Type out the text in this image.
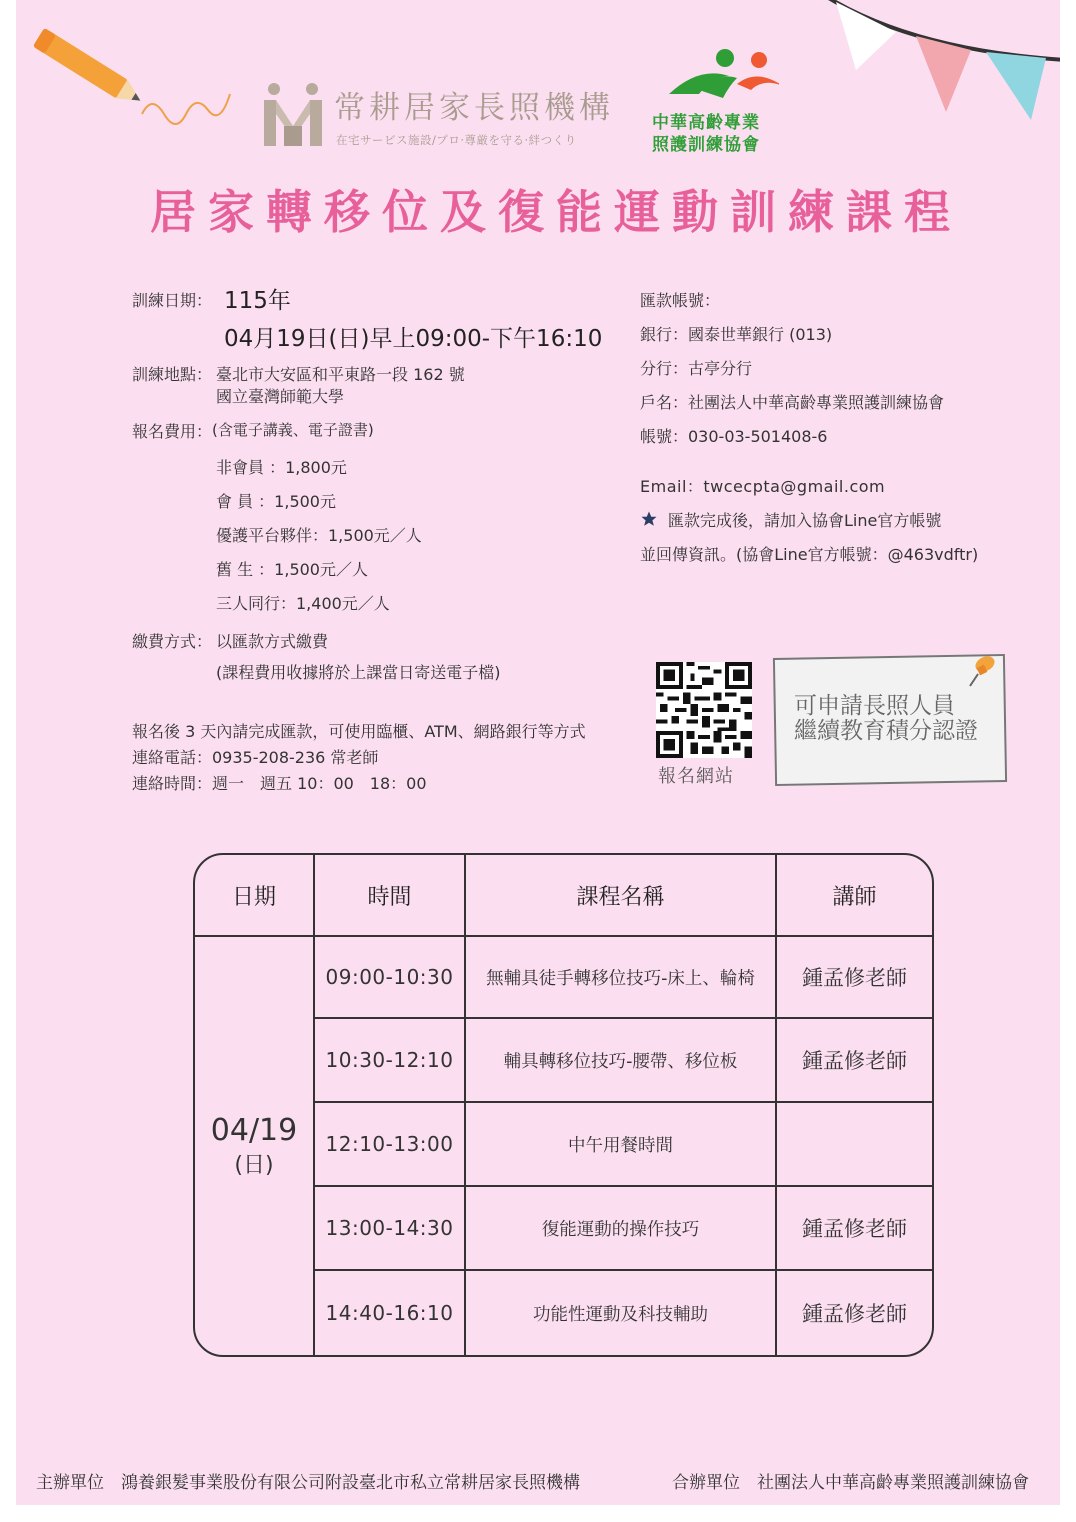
常耕居家長照機構
在宅サービス施設/プロ·尊厳を守る·絆つくり
中華高齡專業
照護訓練協會
居家轉移位及復能運動訓練課程
訓練日期： 115年
04月19日(日)早上09:00-下午16:10
訓練地點： 臺北市大安區和平東路一段 162 號
國立臺灣師範大學
報名費用： (含電子講義、電子證書)
非會員 ：1,800元
會 員 ：1,500元
優護平台夥伴：1,500元／人
舊 生 ：1,500元／人
三人同行：1,400元／人
繳費方式： 以匯款方式繳費
(課程費用收據將於上課當日寄送電子檔)
報名後 3 天內請完成匯款，可使用臨櫃、ATM、網路銀行等方式
連絡電話：0935-208-236 常老師
連絡時間：週一　週五 10：00　18：00
匯款帳號：
銀行：國泰世華銀行 (013)
分行：古亭分行
戶名：社團法人中華高齡專業照護訓練協會
帳號：030-03-501408-6
Email：twcecpta@gmail.com
匯款完成後，請加入協會Line官方帳號
並回傳資訊。(協會Line官方帳號：@463vdftr)
報名網站
可申請長照人員
繼續教育積分認證
日期	時間	課程名稱	講師
04/19
(日)
09:00-10:30	無輔具徒手轉移位技巧-床上、輪椅	鍾孟修老師
10:30-12:10	輔具轉移位技巧-腰帶、移位板	鍾孟修老師
12:10-13:00	中午用餐時間
13:00-14:30	復能運動的操作技巧	鍾孟修老師
14:40-16:10	功能性運動及科技輔助	鍾孟修老師
主辦單位　鴻養銀髮事業股份有限公司附設臺北市私立常耕居家長照機構	合辦單位　社團法人中華高齡專業照護訓練協會
